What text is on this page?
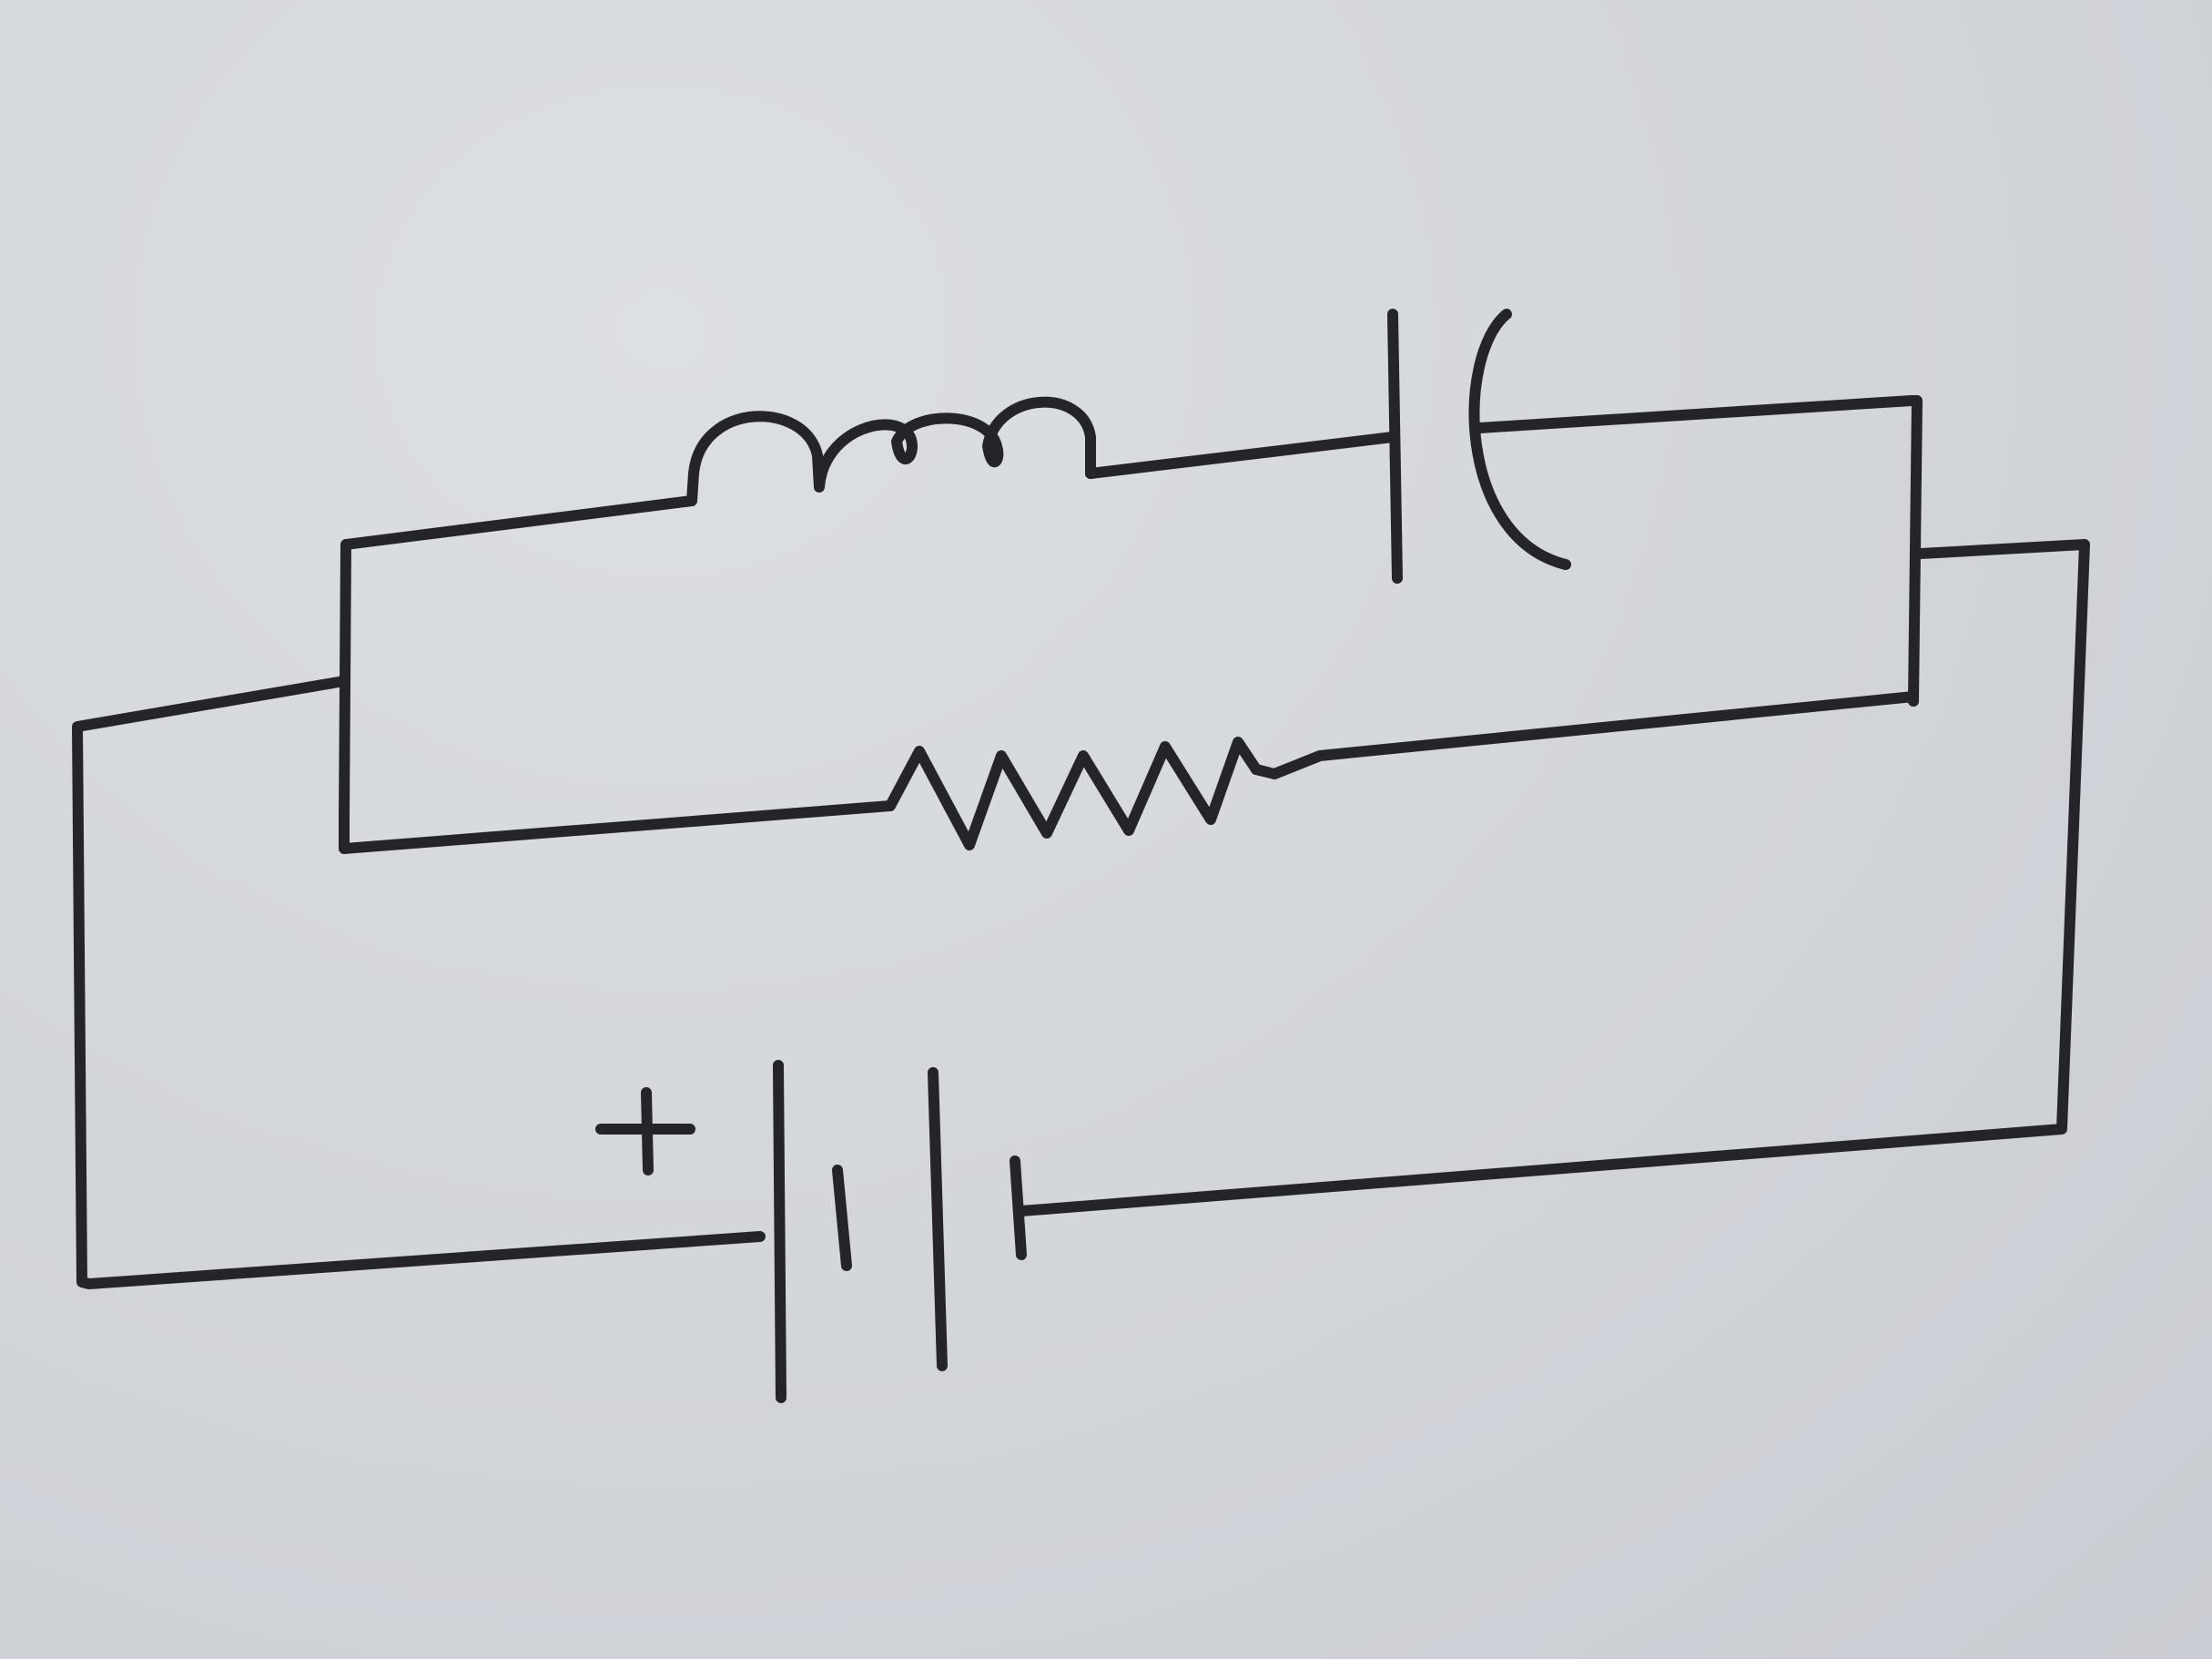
+
